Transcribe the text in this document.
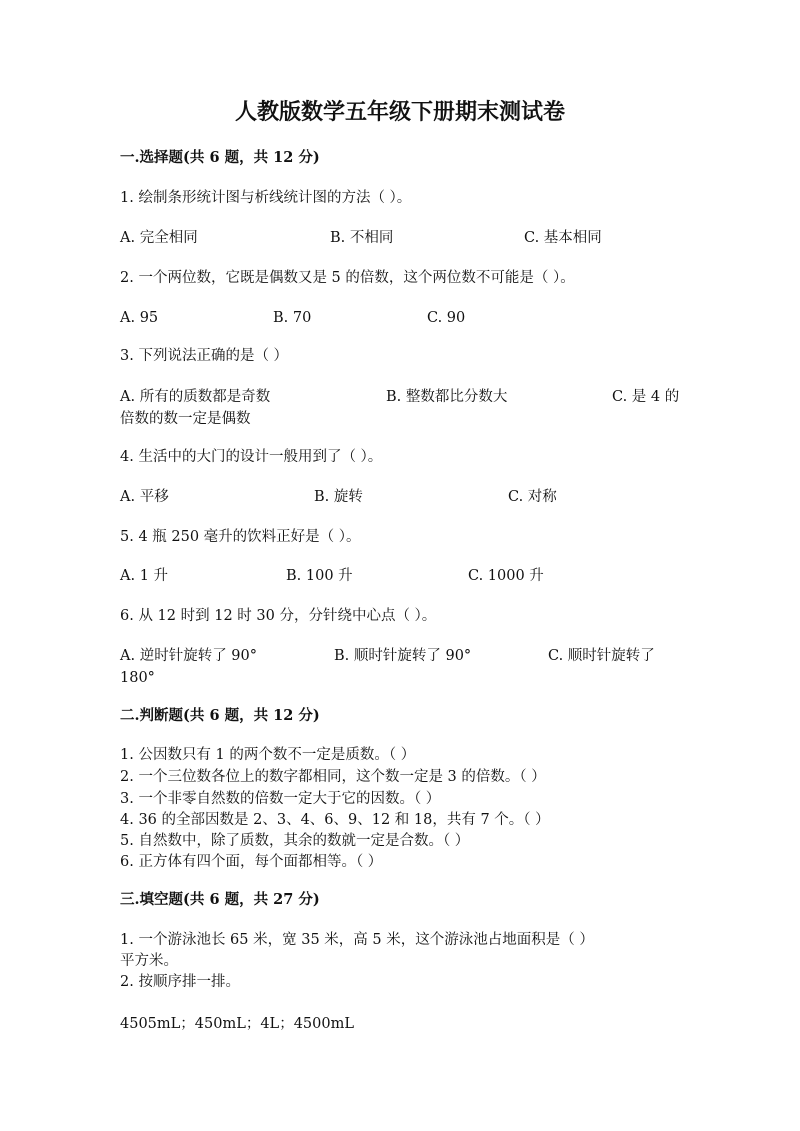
人教版数学五年级下册期末测试卷
一.选择题(共 6 题，共 12 分)
1. 绘制条形统计图与析线统计图的方法（ ）。
A. 完全相同	B. 不相同	C. 基本相同
2. 一个两位数，它既是偶数又是 5 的倍数，这个两位数不可能是（ ）。
A. 95	B. 70	C. 90
3. 下列说法正确的是（ ）
A. 所有的质数都是奇数	B. 整数都比分数大	C. 是 4 的
倍数的数一定是偶数
4. 生活中的大门的设计一般用到了（ ）。
A. 平移	B. 旋转	C. 对称
5. 4 瓶 250 毫升的饮料正好是（ ）。
A. 1 升	B. 100 升	C. 1000 升
6. 从 12 时到 12 时 30 分，分针绕中心点（ ）。
A. 逆时针旋转了 90°	B. 顺时针旋转了 90°	C. 顺时针旋转了
180°
二.判断题(共 6 题，共 12 分)
1. 公因数只有 1 的两个数不一定是质数。（ ）
2. 一个三位数各位上的数字都相同，这个数一定是 3 的倍数。（ ）
3. 一个非零自然数的倍数一定大于它的因数。（ ）
4. 36 的全部因数是 2、3、4、6、9、12 和 18，共有 7 个。（ ）
5. 自然数中，除了质数，其余的数就一定是合数。（ ）
6. 正方体有四个面，每个面都相等。（ ）
三.填空题(共 6 题，共 27 分)
1. 一个游泳池长 65 米，宽 35 米，高 5 米，这个游泳池占地面积是（ ）
平方米。
2. 按顺序排一排。
4505mL；450mL；4L；4500mL
